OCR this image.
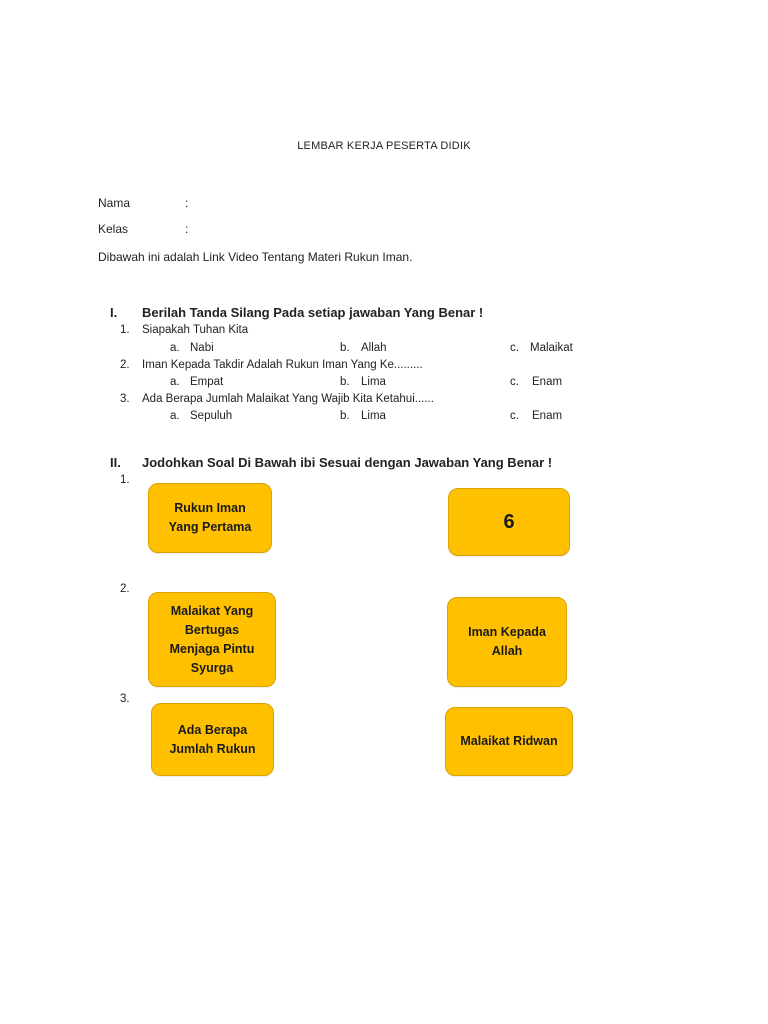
LEMBAR KERJA PESERTA DIDIK
Nama	:
Kelas	:
Dibawah ini adalah Link Video Tentang Materi Rukun Iman.
I. Berilah Tanda Silang Pada setiap jawaban Yang Benar !
1. Siapakah Tuhan Kita
a. Nabi	b. Allah	c. Malaikat
2. Iman Kepada Takdir Adalah Rukun Iman Yang Ke.........
a. Empat	b. Lima	c. Enam
3. Ada Berapa Jumlah Malaikat Yang Wajib Kita Ketahui......
a. Sepuluh	b. Lima	c. Enam
II. Jodohkan Soal Di Bawah ibi Sesuai dengan Jawaban Yang Benar !
1.
Rukun Iman
Yang Pertama	6
2.
Malaikat Yang
Bertugas
Menjaga Pintu
Syurga
Iman Kepada
Allah
3.
Ada Berapa
Jumlah Rukun
Malaikat Ridwan
